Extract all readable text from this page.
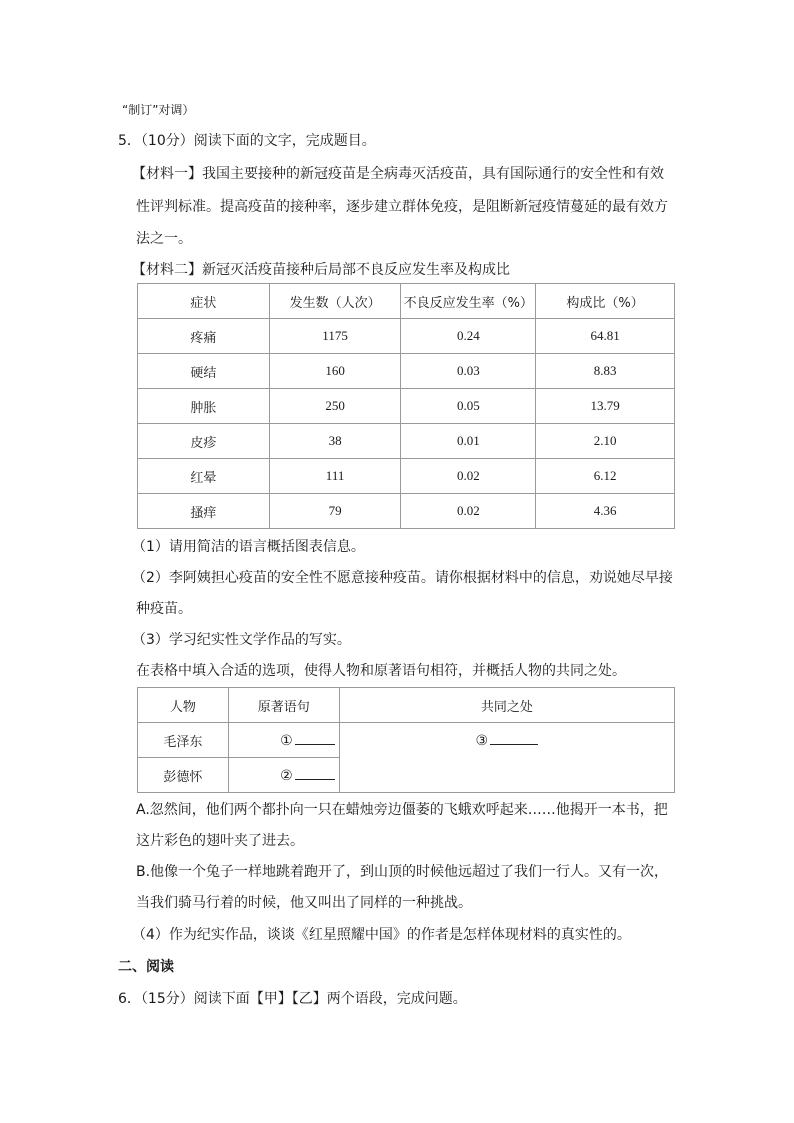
“制订”对调）
5．（10分）阅读下面的文字，完成题目。
【材料一】我国主要接种的新冠疫苗是全病毒灭活疫苗，具有国际通行的安全性和有效
性评判标准。提高疫苗的接种率，逐步建立群体免疫，是阻断新冠疫情蔓延的最有效方
法之一。
【材料二】新冠灭活疫苗接种后局部不良反应发生率及构成比
症状	发生数（人次）	不良反应发生率（%）	构成比（%）
疼痛	1175	0.24	64.81
硬结	160	0.03	8.83
肿胀	250	0.05	13.79
皮疹	38	0.01	2.10
红晕	111	0.02	6.12
搔痒	79	0.02	4.36
（1）请用简洁的语言概括图表信息。
（2）李阿姨担心疫苗的安全性不愿意接种疫苗。请你根据材料中的信息，劝说她尽早接
种疫苗。
（3）学习纪实性文学作品的写实。
在表格中填入合适的选项，使得人物和原著语句相符，并概括人物的共同之处。
人物	原著语句	共同之处
毛泽东	①	③
彭德怀	②	
A.忽然间，他们两个都扑向一只在蜡烛旁边僵萎的飞蛾欢呼起来……他揭开一本书，把
这片彩色的翅叶夹了进去。
B.他像一个兔子一样地跳着跑开了，到山顶的时候他远超过了我们一行人。又有一次，
当我们骑马行着的时候，他又叫出了同样的一种挑战。
（4）作为纪实作品，谈谈《红星照耀中国》的作者是怎样体现材料的真实性的。
二、阅读
6．（15分）阅读下面【甲】【乙】两个语段，完成问题。
